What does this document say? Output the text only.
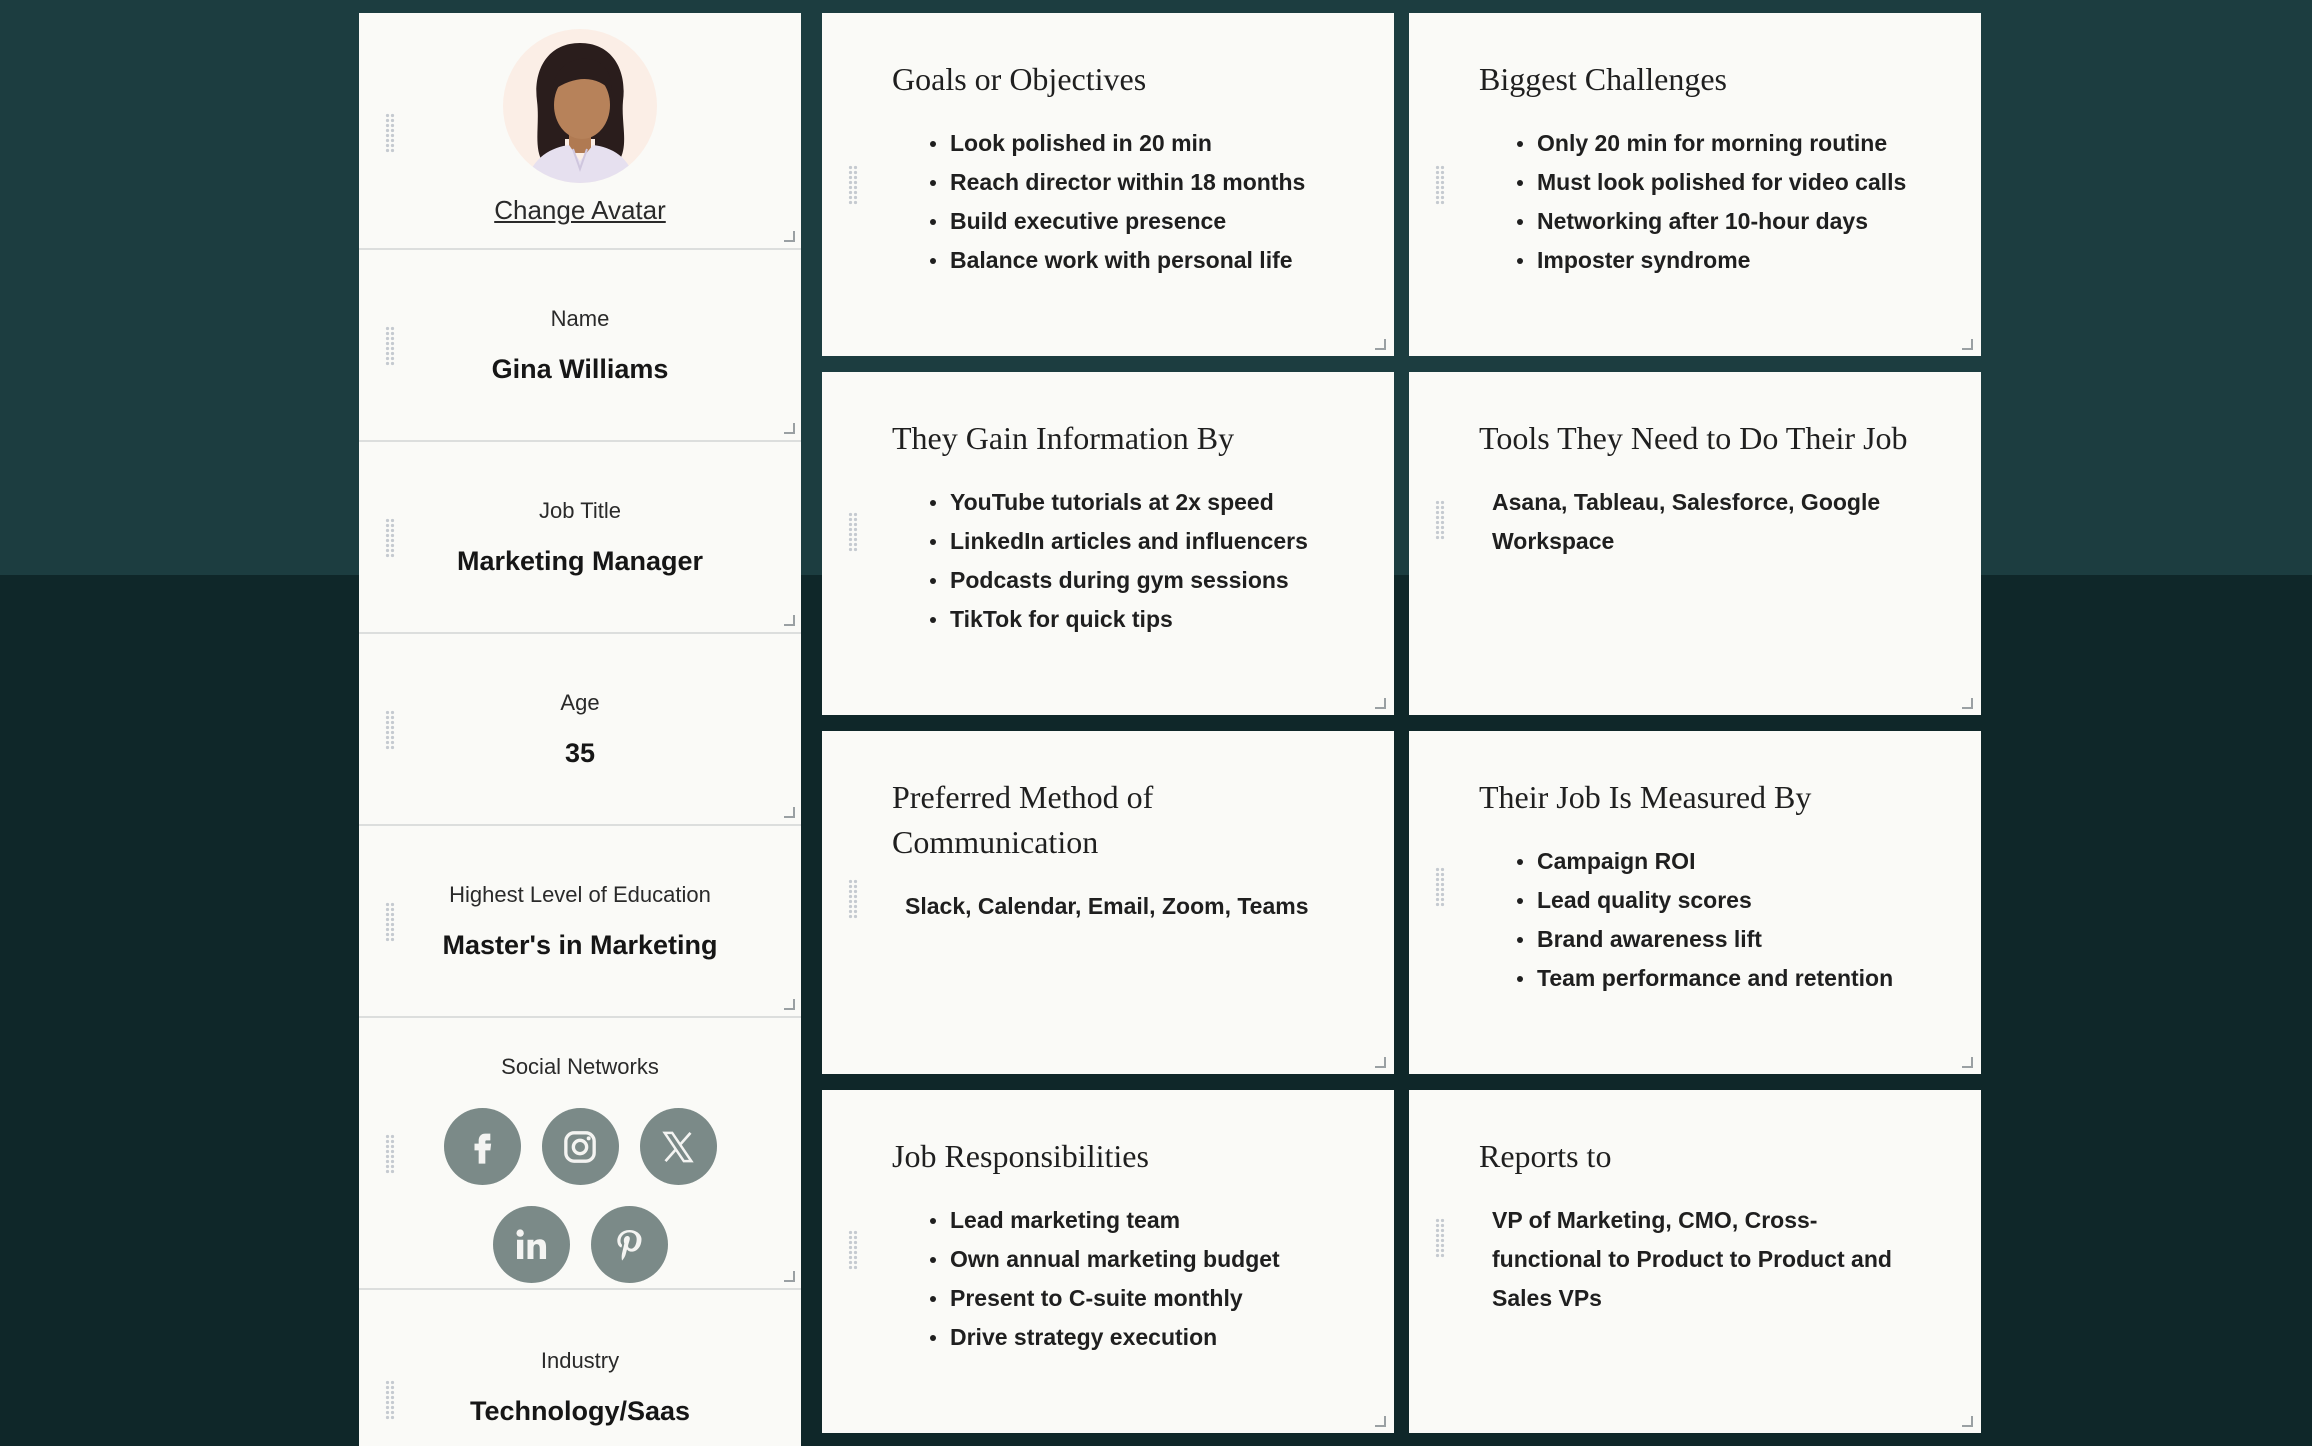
Change Avatar
Name
Gina Williams
Job Title
Marketing Manager
Age
35
Highest Level of Education
Master's in Marketing
Social Networks
Industry
Technology/Saas
Goals or Objectives
Look polished in 20 min
Reach director within 18 months
Build executive presence
Balance work with personal life
Biggest Challenges
Only 20 min for morning routine
Must look polished for video calls
Networking after 10-hour days
Imposter syndrome
They Gain Information By
YouTube tutorials at 2x speed
LinkedIn articles and influencers
Podcasts during gym sessions
TikTok for quick tips
Tools They Need to Do Their Job
Asana, Tableau, Salesforce, Google Workspace
Preferred Method of Communication
Slack, Calendar, Email, Zoom, Teams
Their Job Is Measured By
Campaign ROI
Lead quality scores
Brand awareness lift
Team performance and retention
Job Responsibilities
Lead marketing team
Own annual marketing budget
Present to C-suite monthly
Drive strategy execution
Reports to
VP of Marketing, CMO, Cross-functional to Product to Product and Sales VPs
